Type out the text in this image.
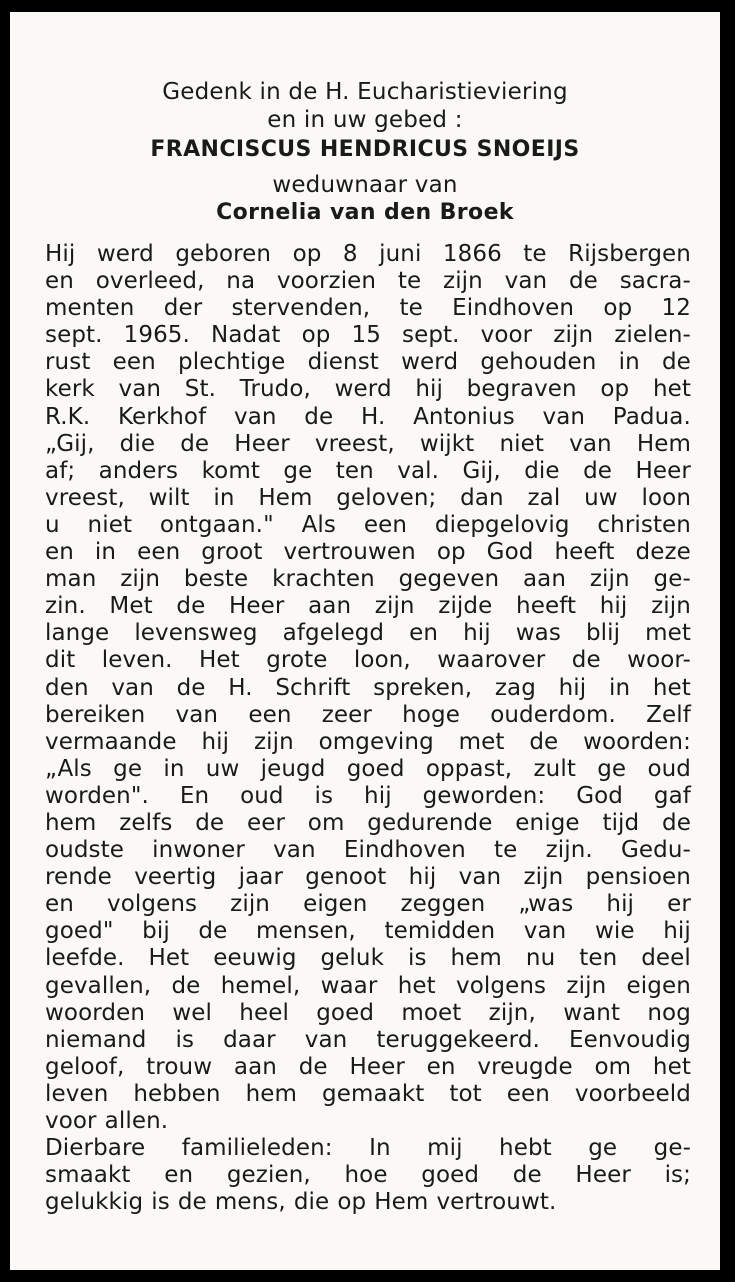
Gedenk in de H. Eucharistieviering
en in uw gebed :
FRANCISCUS HENDRICUS SNOEIJS
weduwnaar van
Cornelia van den Broek
Hij werd geboren op 8 juni 1866 te Rijsbergen
en overleed, na voorzien te zijn van de sacra-
menten der stervenden, te Eindhoven op 12
sept. 1965. Nadat op 15 sept. voor zijn zielen-
rust een plechtige dienst werd gehouden in de
kerk van St. Trudo, werd hij begraven op het
R.K. Kerkhof van de H. Antonius van Padua.
„Gij, die de Heer vreest, wijkt niet van Hem
af; anders komt ge ten val. Gij, die de Heer
vreest, wilt in Hem geloven; dan zal uw loon
u niet ontgaan." Als een diepgelovig christen
en in een groot vertrouwen op God heeft deze
man zijn beste krachten gegeven aan zijn ge-
zin. Met de Heer aan zijn zijde heeft hij zijn
lange levensweg afgelegd en hij was blij met
dit leven. Het grote loon, waarover de woor-
den van de H. Schrift spreken, zag hij in het
bereiken van een zeer hoge ouderdom. Zelf
vermaande hij zijn omgeving met de woorden:
„Als ge in uw jeugd goed oppast, zult ge oud
worden". En oud is hij geworden: God gaf
hem zelfs de eer om gedurende enige tijd de
oudste inwoner van Eindhoven te zijn. Gedu-
rende veertig jaar genoot hij van zijn pensioen
en volgens zijn eigen zeggen „was hij er
goed" bij de mensen, temidden van wie hij
leefde. Het eeuwig geluk is hem nu ten deel
gevallen, de hemel, waar het volgens zijn eigen
woorden wel heel goed moet zijn, want nog
niemand is daar van teruggekeerd. Eenvoudig
geloof, trouw aan de Heer en vreugde om het
leven hebben hem gemaakt tot een voorbeeld
voor allen.
Dierbare familieleden: In mij hebt ge ge-
smaakt en gezien, hoe goed de Heer is;
gelukkig is de mens, die op Hem vertrouwt.
